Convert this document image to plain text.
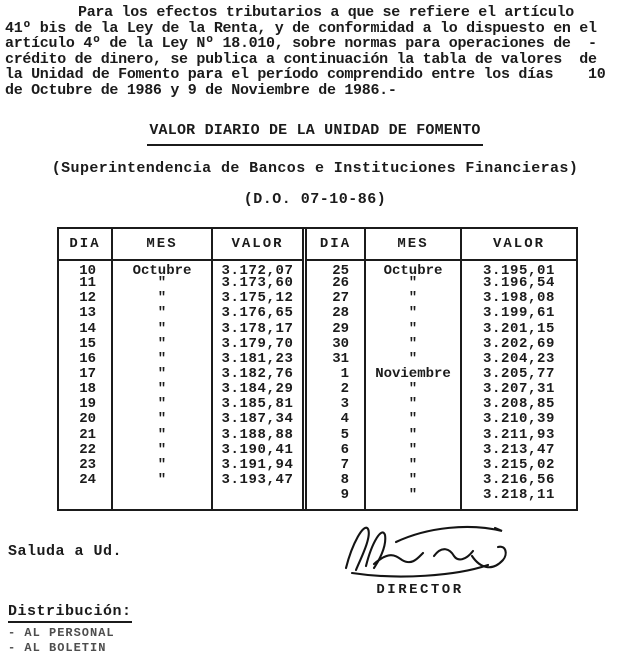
Para los efectos tributarios a que se refiere el artículo
41º bis de la Ley de la Renta, y de conformidad a lo dispuesto en el
artículo 4º de la Ley Nº 18.010, sobre normas para operaciones de  -
crédito de dinero, se publica a continuación la tabla de valores  de
la Unidad de Fomento para el período comprendido entre los días    10
de Octubre de 1986 y 9 de Noviembre de 1986.-
VALOR DIARIO DE LA UNIDAD DE FOMENTO
(Superintendencia de Bancos e Instituciones Financieras)
(D.O. 07-10-86)
DIA	MES	VALOR
10	Octubre	3.172,07
11	"	3.173,60
12	"	3.175,12
13	"	3.176,65
14	"	3.178,17
15	"	3.179,70
16	"	3.181,23
17	"	3.182,76
18	"	3.184,29
19	"	3.185,81
20	"	3.187,34
21	"	3.188,88
22	"	3.190,41
23	"	3.191,94
24	"	3.193,47
DIA	MES	VALOR
25	Octubre	3.195,01
26	"	3.196,54
27	"	3.198,08
28	"	3.199,61
29	"	3.201,15
30	"	3.202,69
31	"	3.204,23
1	Noviembre	3.205,77
2	"	3.207,31
3	"	3.208,85
4	"	3.210,39
5	"	3.211,93
6	"	3.213,47
7	"	3.215,02
8	"	3.216,56
9	"	3.218,11
Saluda a Ud.
DIRECTOR
Distribución:
- AL PERSONAL
- AL BOLETIN
